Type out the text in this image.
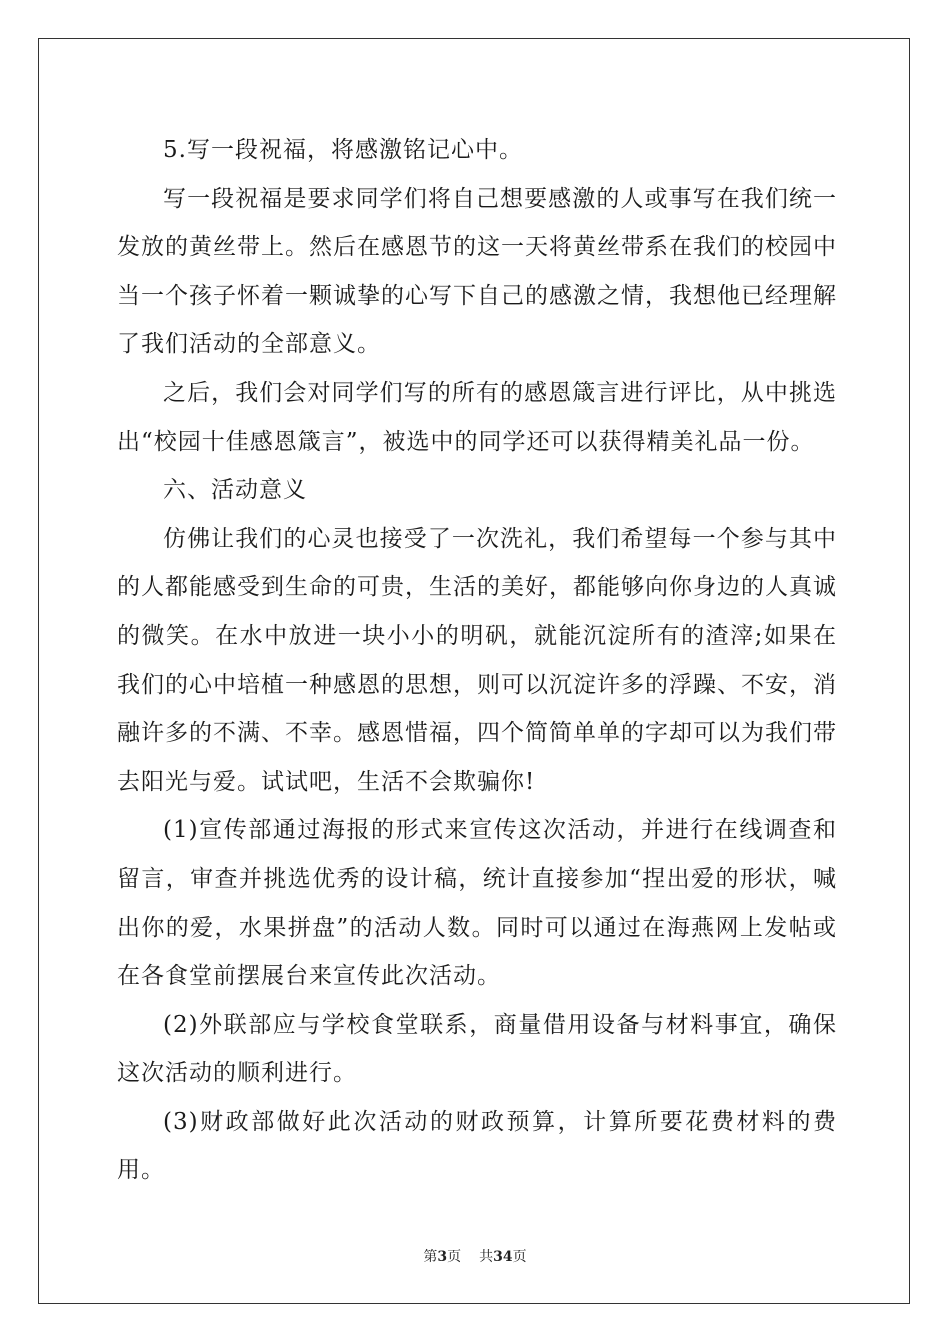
5.写一段祝福，将感激铭记心中。

写一段祝福是要求同学们将自己想要感激的人或事写在我们统一发放的黄丝带上。然后在感恩节的这一天将黄丝带系在我们的校园中当一个孩子怀着一颗诚挚的心写下自己的感激之情，我想他已经理解了我们活动的全部意义。

之后，我们会对同学们写的所有的感恩箴言进行评比，从中挑选出“校园十佳感恩箴言”，被选中的同学还可以获得精美礼品一份。

六、活动意义

仿佛让我们的心灵也接受了一次洗礼，我们希望每一个参与其中的人都能感受到生命的可贵，生活的美好，都能够向你身边的人真诚的微笑。在水中放进一块小小的明矾，就能沉淀所有的渣滓;如果在我们的心中培植一种感恩的思想，则可以沉淀许多的浮躁、不安，消融许多的不满、不幸。感恩惜福，四个简简单单的字却可以为我们带去阳光与爱。试试吧，生活不会欺骗你!

(1)宣传部通过海报的形式来宣传这次活动，并进行在线调查和留言，审查并挑选优秀的设计稿，统计直接参加“捏出爱的形状，喊出你的爱，水果拼盘”的活动人数。同时可以通过在海燕网上发帖或在各食堂前摆展台来宣传此次活动。

(2)外联部应与学校食堂联系，商量借用设备与材料事宜，确保这次活动的顺利进行。

(3)财政部做好此次活动的财政预算，计算所要花费材料的费用。

第3页 共34页
